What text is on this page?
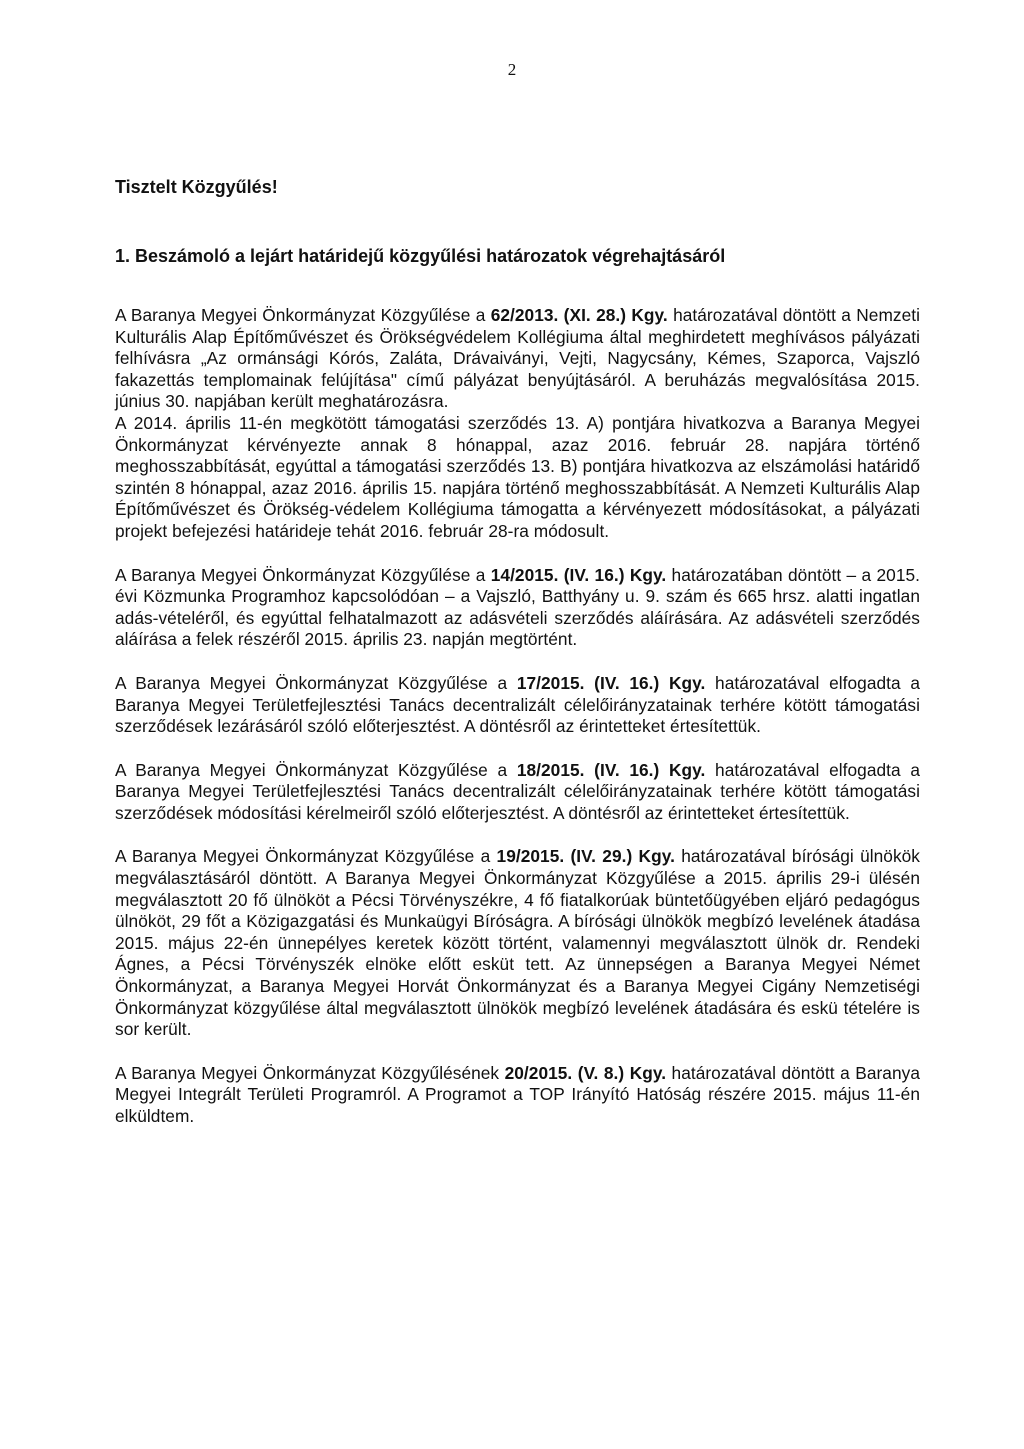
2

Tisztelt Közgyűlés!

1. Beszámoló a lejárt határidejű közgyűlési határozatok végrehajtásáról

A Baranya Megyei Önkormányzat Közgyűlése a 62/2013. (XI. 28.) Kgy. határozatával döntött a Nemzeti Kulturális Alap Építőművészet és Örökségvédelem Kollégiuma által meghirdetett meghívásos pályázati felhívásra „Az ormánsági Kórós, Zaláta, Drávaiványi, Vejti, Nagycsány, Kémes, Szaporca, Vajszló fakazettás templomainak felújítása" című pályázat benyújtásáról. A beruházás megvalósítása 2015. június 30. napjában került meghatározásra.

A 2014. április 11-én megkötött támogatási szerződés 13. A) pontjára hivatkozva a Baranya Megyei Önkormányzat kérvényezte annak 8 hónappal, azaz 2016. február 28. napjára történő meghosszabbítását, egyúttal a támogatási szerződés 13. B) pontjára hivatkozva az elszámolási határidő szintén 8 hónappal, azaz 2016. április 15. napjára történő meghosszabbítását. A Nemzeti Kulturális Alap Építőművészet és Örökség-védelem Kollégiuma támogatta a kérvényezett módosításokat, a pályázati projekt befejezési határideje tehát 2016. február 28-ra módosult.

A Baranya Megyei Önkormányzat Közgyűlése a 14/2015. (IV. 16.) Kgy. határozatában döntött – a 2015. évi Közmunka Programhoz kapcsolódóan – a Vajszló, Batthyány u. 9. szám és 665 hrsz. alatti ingatlan adás-vételéről, és egyúttal felhatalmazott az adásvételi szerződés aláírására. Az adásvételi szerződés aláírása a felek részéről 2015. április 23. napján megtörtént.

A Baranya Megyei Önkormányzat Közgyűlése a 17/2015. (IV. 16.) Kgy. határozatával elfogadta a Baranya Megyei Területfejlesztési Tanács decentralizált célelőirányzatainak terhére kötött támogatási szerződések lezárásáról szóló előterjesztést. A döntésről az érintetteket értesítettük.

A Baranya Megyei Önkormányzat Közgyűlése a 18/2015. (IV. 16.) Kgy. határozatával elfogadta a Baranya Megyei Területfejlesztési Tanács decentralizált célelőirányzatainak terhére kötött támogatási szerződések módosítási kérelmeiről szóló előterjesztést. A döntésről az érintetteket értesítettük.

A Baranya Megyei Önkormányzat Közgyűlése a 19/2015. (IV. 29.) Kgy. határozatával bírósági ülnökök megválasztásáról döntött. A Baranya Megyei Önkormányzat Közgyűlése a 2015. április 29-i ülésén megválasztott 20 fő ülnököt a Pécsi Törvényszékre, 4 fő fiatalkorúak büntetőügyében eljáró pedagógus ülnököt, 29 főt a Közigazgatási és Munkaügyi Bíróságra. A bírósági ülnökök megbízó levelének átadása 2015. május 22-én ünnepélyes keretek között történt, valamennyi megválasztott ülnök dr. Rendeki Ágnes, a Pécsi Törvényszék elnöke előtt esküt tett. Az ünnepségen a Baranya Megyei Német Önkormányzat, a Baranya Megyei Horvát Önkormányzat és a Baranya Megyei Cigány Nemzetiségi Önkormányzat közgyűlése által megválasztott ülnökök megbízó levelének átadására és eskü tételére is sor került.

A Baranya Megyei Önkormányzat Közgyűlésének 20/2015. (V. 8.) Kgy. határozatával döntött a Baranya Megyei Integrált Területi Programról. A Programot a TOP Irányító Hatóság részére 2015. május 11-én elküldtem.
